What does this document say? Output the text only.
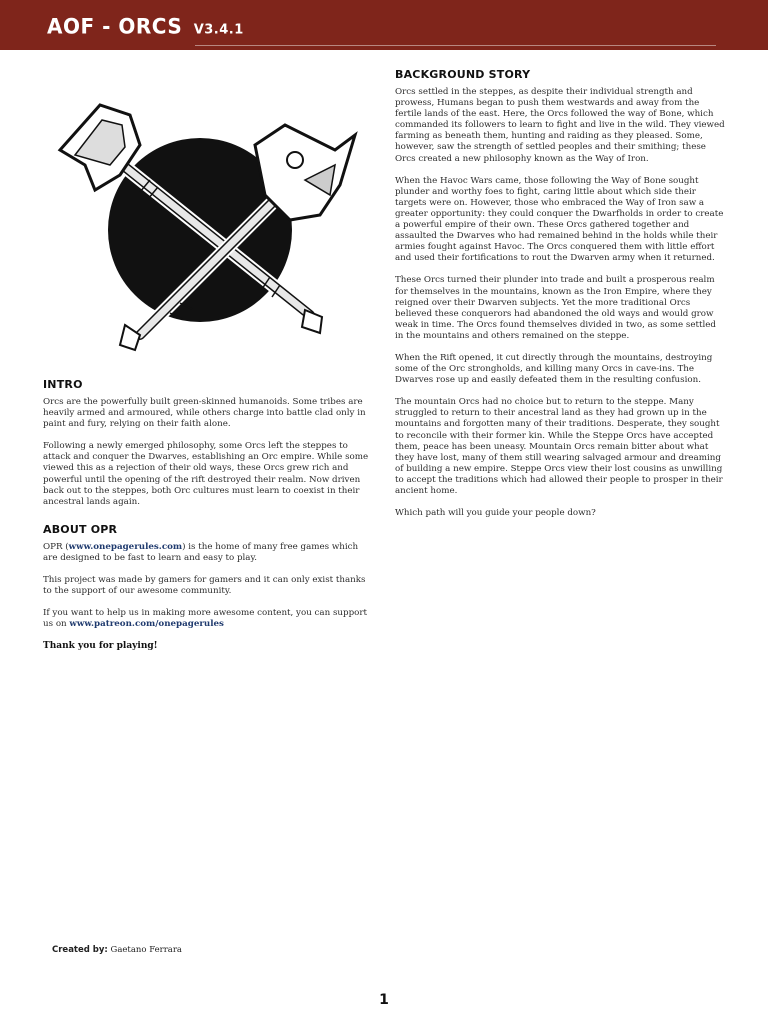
AOF - ORCS V3.4.1
INTRO

Orcs are the powerfully built green-skinned humanoids. Some tribes are heavily armed and armoured, while others charge into battle clad only in paint and fury, relying on their faith alone.

Following a newly emerged philosophy, some Orcs left the steppes to attack and conquer the Dwarves, establishing an Orc empire. While some viewed this as a rejection of their old ways, these Orcs grew rich and powerful until the opening of the rift destroyed their realm. Now driven back out to the steppes, both Orc cultures must learn to coexist in their ancestral lands again.

ABOUT OPR

OPR (www.onepagerules.com) is the home of many free games which are designed to be fast to learn and easy to play.

This project was made by gamers for gamers and it can only exist thanks to the support of our awesome community.

If you want to help us in making more awesome content, you can support us on www.patreon.com/onepagerules

Thank you for playing!

BACKGROUND STORY

Orcs settled in the steppes, as despite their individual strength and prowess, Humans began to push them westwards and away from the fertile lands of the east. Here, the Orcs followed the way of Bone, which commanded its followers to learn to fight and live in the wild. They viewed farming as beneath them, hunting and raiding as they pleased. Some, however, saw the strength of settled peoples and their smithing; these Orcs created a new philosophy known as the Way of Iron.

When the Havoc Wars came, those following the Way of Bone sought plunder and worthy foes to fight, caring little about which side their targets were on. However, those who embraced the Way of Iron saw a greater opportunity: they could conquer the Dwarfholds in order to create a powerful empire of their own. These Orcs gathered together and assaulted the Dwarves who had remained behind in the holds while their armies fought against Havoc. The Orcs conquered them with little effort and used their fortifications to rout the Dwarven army when it returned.

These Orcs turned their plunder into trade and built a prosperous realm for themselves in the mountains, known as the Iron Empire, where they reigned over their Dwarven subjects. Yet the more traditional Orcs believed these conquerors had abandoned the old ways and would grow weak in time. The Orcs found themselves divided in two, as some settled in the mountains and others remained on the steppe.

When the Rift opened, it cut directly through the mountains, destroying some of the Orc strongholds, and killing many Orcs in cave-ins. The Dwarves rose up and easily defeated them in the resulting confusion.

The mountain Orcs had no choice but to return to the steppe. Many struggled to return to their ancestral land as they had grown up in the mountains and forgotten many of their traditions. Desperate, they sought to reconcile with their former kin. While the Steppe Orcs have accepted them, peace has been uneasy. Mountain Orcs remain bitter about what they have lost, many of them still wearing salvaged armour and dreaming of building a new empire. Steppe Orcs view their lost cousins as unwilling to accept the traditions which had allowed their people to prosper in their ancient home.

Which path will you guide your people down?

Created by: Gaetano Ferrara
1
